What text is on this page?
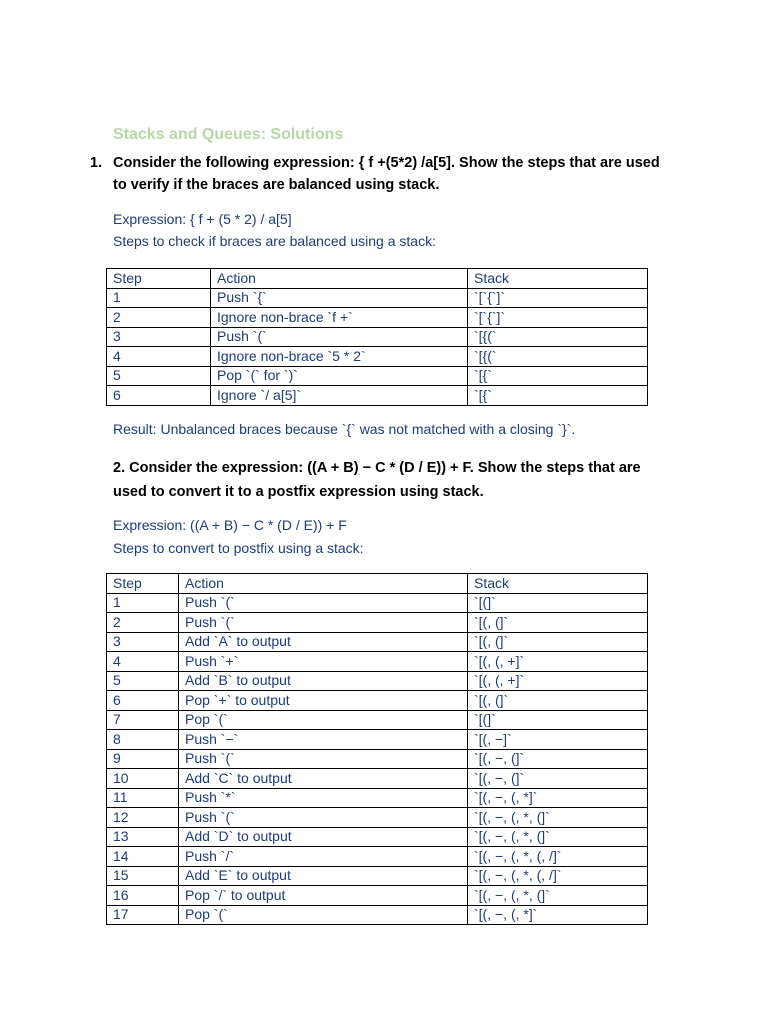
Stacks and Queues: Solutions
1. Consider the following expression: { f +(5*2) /a[5]. Show the steps that are used to verify if the braces are balanced using stack.
Expression: { f + (5 * 2) / a[5]
Steps to check if braces are balanced using a stack:
Step	Action	Stack
1	Push `{`	`[`{`]`
2	Ignore non-brace `f +`	`[`{`]`
3	Push `(`	`[{(`
4	Ignore non-brace `5 * 2`	`[{(`
5	Pop `(` for `)`	`[{`
6	Ignore `/ a[5]`	`[{`
Result: Unbalanced braces because `{` was not matched with a closing `}`.
2. Consider the expression: ((A + B) − C * (D / E)) + F. Show the steps that are used to convert it to a postfix expression using stack.
Expression: ((A + B) − C * (D / E)) + F
Steps to convert to postfix using a stack:
Step	Action	Stack
1	Push `(`	`[(]`
2	Push `(`	`[(, (]`
3	Add `A` to output	`[(, (]`
4	Push `+`	`[(, (, +]`
5	Add `B` to output	`[(, (, +]`
6	Pop `+` to output	`[(, (]`
7	Pop `(`	`[(]`
8	Push `−`	`[(, −]`
9	Push `(`	`[(, −, (]`
10	Add `C` to output	`[(, −, (]`
11	Push `*`	`[(, −, (, *]`
12	Push `(`	`[(, −, (, *, (]`
13	Add `D` to output	`[(, −, (, *, (]`
14	Push `/`	`[(, −, (, *, (, /]`
15	Add `E` to output	`[(, −, (, *, (, /]`
16	Pop `/` to output	`[(, −, (, *, (]`
17	Pop `(`	`[(, −, (, *]`
